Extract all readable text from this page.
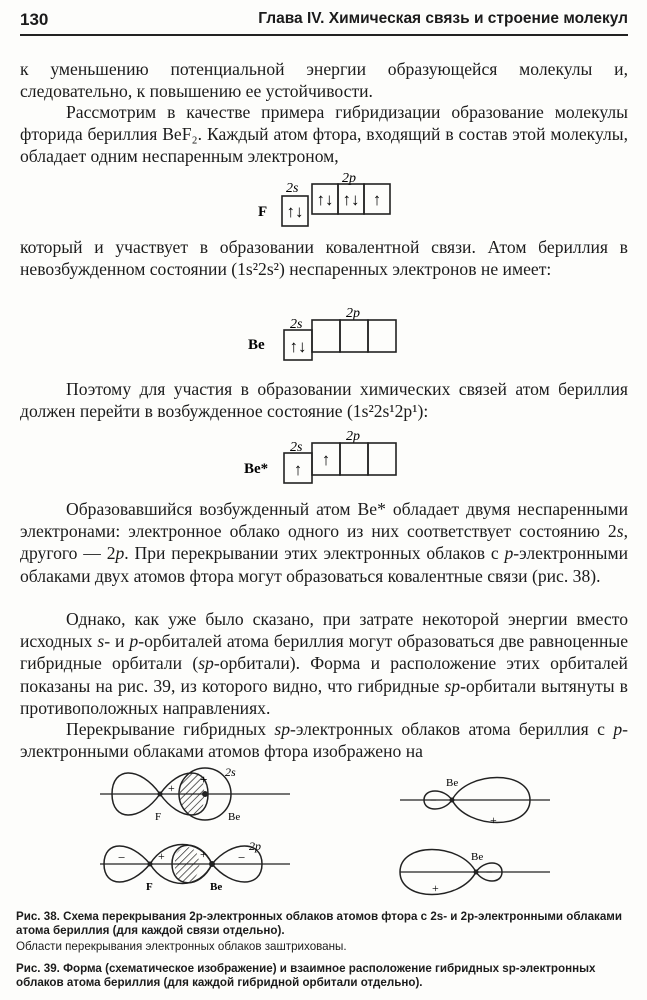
130	Глава IV. Химическая связь и строение молекул

к уменьшению потенциальной энергии образующейся молекулы и, следовательно, к повышению ее устойчивости.

Рассмотрим в качестве примера гибридизации образование молекулы фторида бериллия BeF₂. Каждый атом фтора, входящий в состав этой молекулы, обладает одним неспаренным электроном,

2s
2p
F ↑↓
↑↓ ↑↓ ↑

который и участвует в образовании ковалентной связи. Атом бериллия в невозбужденном состоянии (1s²2s²) неспаренных электронов не имеет:

2s
2p
Be ↑↓

Поэтому для участия в образовании химических связей атом бериллия должен перейти в возбужденное состояние (1s²2s¹2p¹):

2s
2p
Be* ↑
↑

Образовавшийся возбужденный атом Be* обладает двумя неспаренными электронами: электронное облако одного из них соответствует состоянию 2s, другого — 2p. При перекрывании этих электронных облаков с p-электронными облаками двух атомов фтора могут образоваться ковалентные связи (рис. 38).

Однако, как уже было сказано, при затрате некоторой энергии вместо исходных s- и p-орбиталей атома бериллия могут образоваться две равноценные гибридные орбитали (sp-орбитали). Форма и расположение этих орбиталей показаны на рис. 39, из которого видно, что гибридные sp-орбитали вытянуты в противоположных направлениях.

Перекрывание гибридных sp-электронных облаков атома бериллия с p-электронными облаками атомов фтора изображено на

+
+ 2s
F	Be
−	+	+ −
2p
F	Be
Be
−
+
Be
+
−

Рис. 38. Схема перекрывания 2p-электронных облаков атомов фтора с 2s- и 2p-электронными облаками атома бериллия (для каждой связи отдельно).

Области перекрывания электронных облаков заштрихованы.

Рис. 39. Форма (схематическое изображение) и взаимное расположение гибридных sp-электронных облаков атома бериллия (для каждой гибридной орбитали отдельно).
